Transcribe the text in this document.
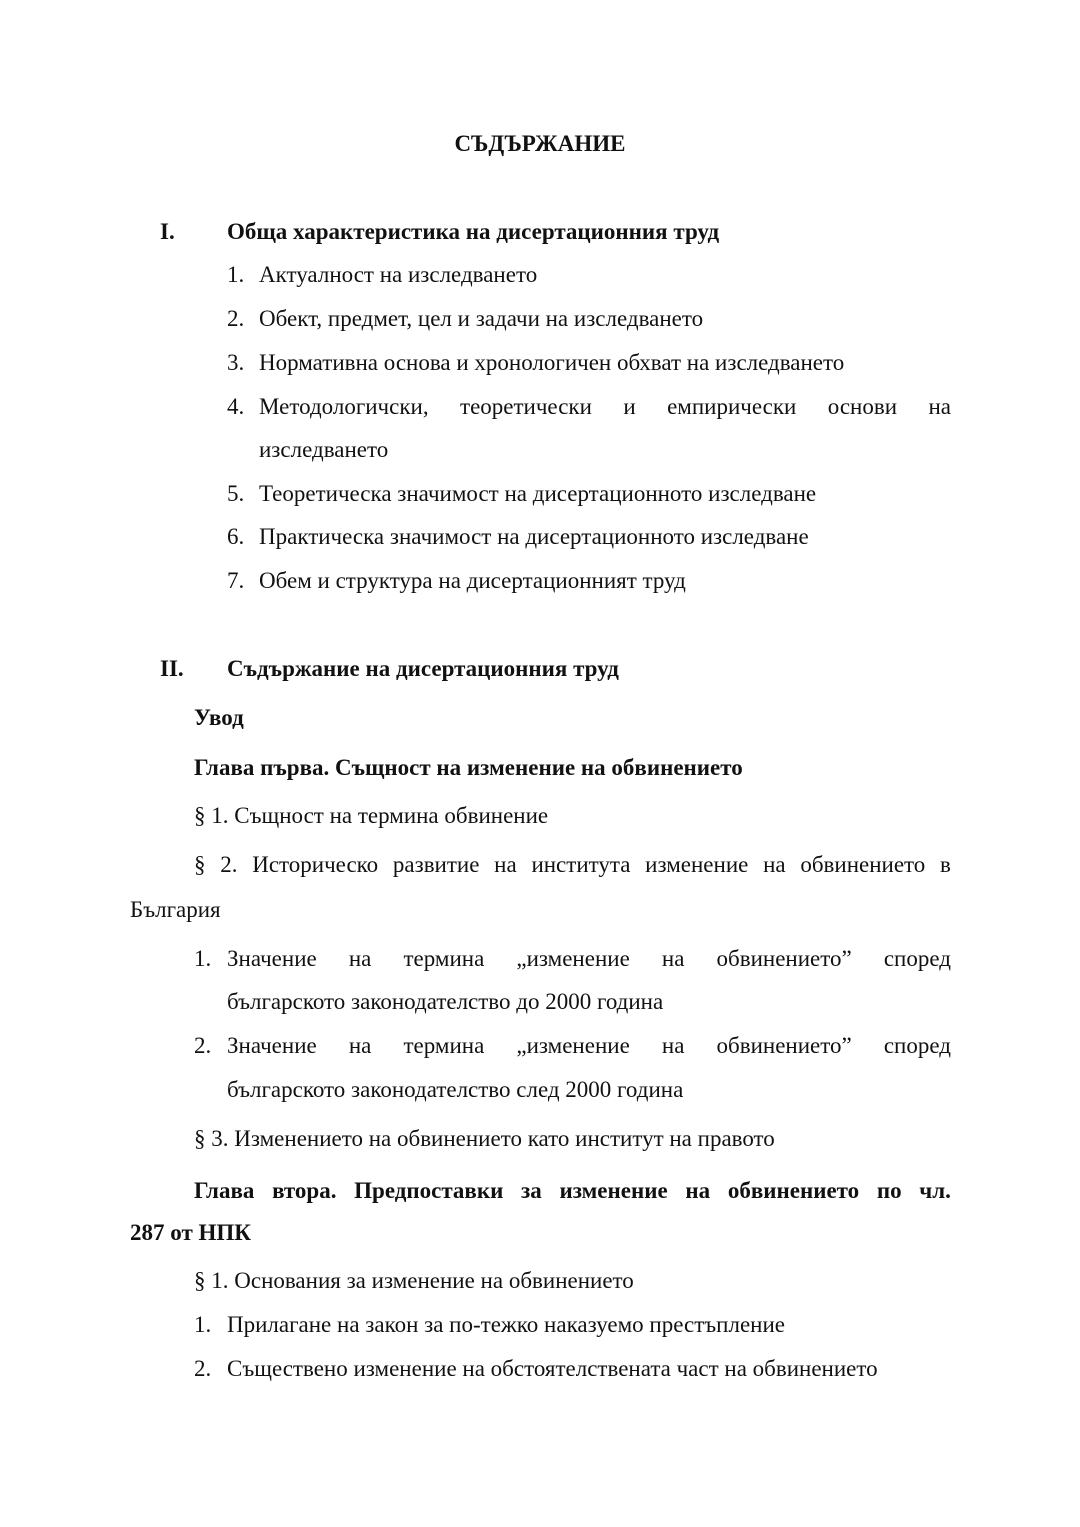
СЪДЪРЖАНИЕ
I. Обща характеристика на дисертационния труд
1. Актуалност на изследването
2. Обект, предмет, цел и задачи на изследването
3. Нормативна основа и хронологичен обхват на изследването
4. Методологичски, теоретически и емпирически основи на
изследването
5. Теоретическа значимост на дисертационното изследване
6. Практическа значимост на дисертационното изследване
7. Обем и структура на дисертационният труд
II. Съдържание на дисертационния труд
Увод
Глава първа. Същност на изменение на обвинението
§ 1. Същност на термина обвинение
§ 2. Историческо развитие на института изменение на обвинението в
България
1. Значение на термина „изменение на обвинението” според
българското законодателство до 2000 година
2. Значение на термина „изменение на обвинението” според
българското законодателство след 2000 година
§ 3. Изменението на обвинението като институт на правото
Глава втора. Предпоставки за изменение на обвинението по чл.
287 от НПК
§ 1. Основания за изменение на обвинението
1. Прилагане на закон за по-тежко наказуемо престъпление
2. Съществено изменение на обстоятелствената част на обвинението
